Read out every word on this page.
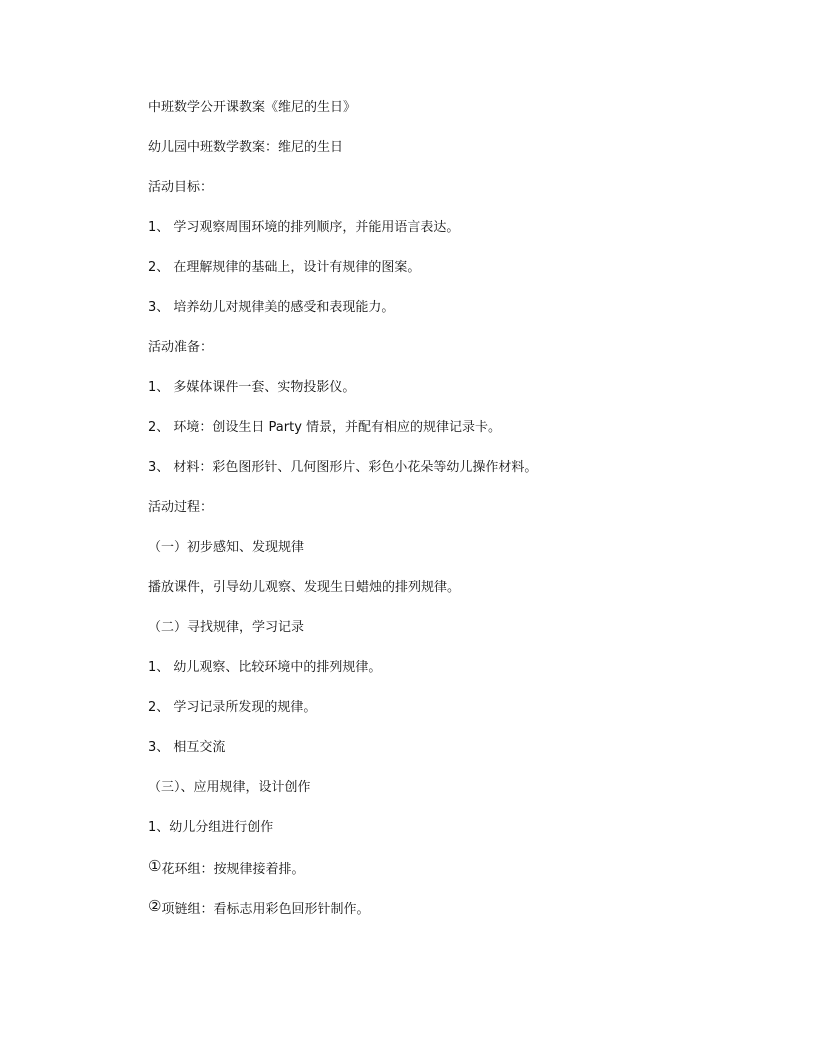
中班数学公开课教案《维尼的生日》
幼儿园中班数学教案：维尼的生日
活动目标：
1、 学习观察周围环境的排列顺序，并能用语言表达。
2、 在理解规律的基础上，设计有规律的图案。
3、 培养幼儿对规律美的感受和表现能力。
活动准备：
1、 多媒体课件一套、实物投影仪。
2、 环境：创设生日 Party 情景，并配有相应的规律记录卡。
3、 材料：彩色图形针、几何图形片、彩色小花朵等幼儿操作材料。
活动过程：
（一）初步感知、发现规律
播放课件，引导幼儿观察、发现生日蜡烛的排列规律。
（二）寻找规律，学习记录
1、 幼儿观察、比较环境中的排列规律。
2、 学习记录所发现的规律。
3、 相互交流
（三）、应用规律，设计创作
1、幼儿分组进行创作
①花环组：按规律接着排。
②项链组：看标志用彩色回形针制作。
